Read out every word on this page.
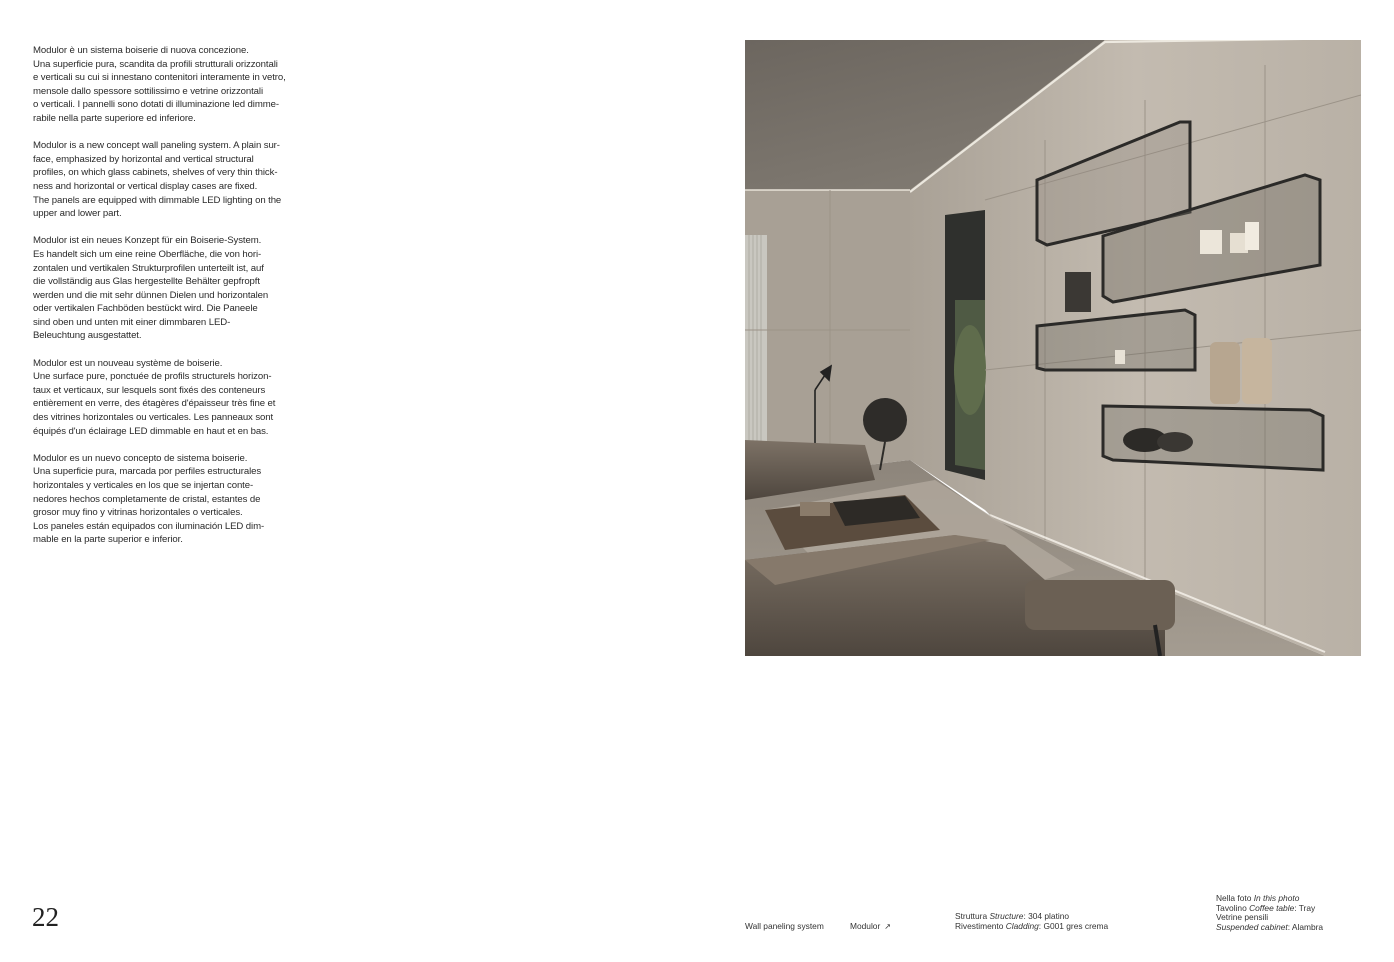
Modulor è un sistema boiserie di nuova concezione.
Una superficie pura, scandita da profili strutturali orizzontali
e verticali su cui si innestano contenitori interamente in vetro,
mensole dallo spessore sottilissimo e vetrine orizzontali
o verticali. I pannelli sono dotati di illuminazione led dimme-
rabile nella parte superiore ed inferiore.
Modulor is a new concept wall paneling system. A plain sur-
face, emphasized by horizontal and vertical structural
profiles, on which glass cabinets, shelves of very thin thick-
ness and horizontal or vertical display cases are fixed.
The panels are equipped with dimmable LED lighting on the
upper and lower part.
Modulor ist ein neues Konzept für ein Boiserie-System.
Es handelt sich um eine reine Oberfläche, die von hori-
zontalen und vertikalen Strukturprofilen unterteilt ist, auf
die vollständig aus Glas hergestellte Behälter gepfropft
werden und die mit sehr dünnen Dielen und horizontalen
oder vertikalen Fachböden bestückt wird. Die Paneele
sind oben und unten mit einer dimmbaren LED-
Beleuchtung ausgestattet.
Modulor est un nouveau système de boiserie.
Une surface pure, ponctuée de profils structurels horizon-
taux et verticaux, sur lesquels sont fixés des conteneurs
entièrement en verre, des étagères d'épaisseur très fine et
des vitrines horizontales ou verticales. Les panneaux sont
équipés d'un éclairage LED dimmable en haut et en bas.
Modulor es un nuevo concepto de sistema boiserie.
Una superficie pura, marcada por perfiles estructurales
horizontales y verticales en los que se injertan conte-
nedores hechos completamente de cristal, estantes de
grosor muy fino y vitrinas horizontales o verticales.
Los paneles están equipados con iluminación LED dim-
mable en la parte superior e inferior.
22	Wall paneling system	Modulor ↗
Struttura Structure: 304 platino
Rivestimento Cladding: G001 gres crema
Nella foto In this photo
Tavolino Coffee table: Tray
Vetrine pensili
Suspended cabinet: Alambra
